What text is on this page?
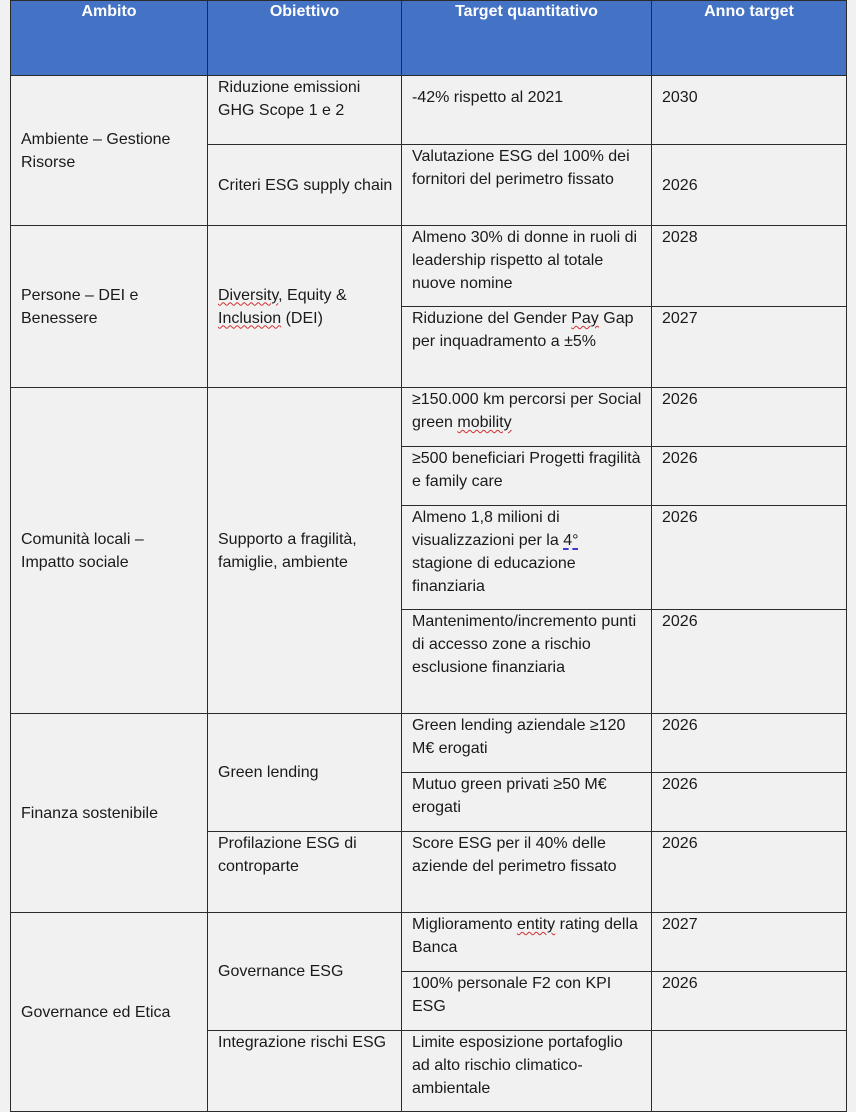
Ambito	Obiettivo	Target quantitativo	Anno target
Ambiente – Gestione Risorse	Riduzione emissioni GHG Scope 1 e 2	-42% rispetto al 2021	2030
	Criteri ESG supply chain	Valutazione ESG del 100% dei fornitori del perimetro fissato	2026
Persone – DEI e Benessere	Diversity, Equity & Inclusion (DEI)	Almeno 30% di donne in ruoli di leadership rispetto al totale nuove nomine	2028
		Riduzione del Gender Pay Gap per inquadramento a ±5%	2027
Comunità locali – Impatto sociale	Supporto a fragilità, famiglie, ambiente	≥150.000 km percorsi per Social green mobility	2026
		≥500 beneficiari Progetti fragilità e family care	2026
		Almeno 1,8 milioni di visualizzazioni per la 4° stagione di educazione finanziaria	2026
		Mantenimento/incremento punti di accesso zone a rischio esclusione finanziaria	2026
Finanza sostenibile	Green lending	Green lending aziendale ≥120 M€ erogati	2026
		Mutuo green privati ≥50 M€ erogati	2026
	Profilazione ESG di controparte	Score ESG per il 40% delle aziende del perimetro fissato	2026
Governance ed Etica	Governance ESG	Miglioramento entity rating della Banca	2027
		100% personale F2 con KPI ESG	2026
	Integrazione rischi ESG	Limite esposizione portafoglio ad alto rischio climatico-ambientale	
